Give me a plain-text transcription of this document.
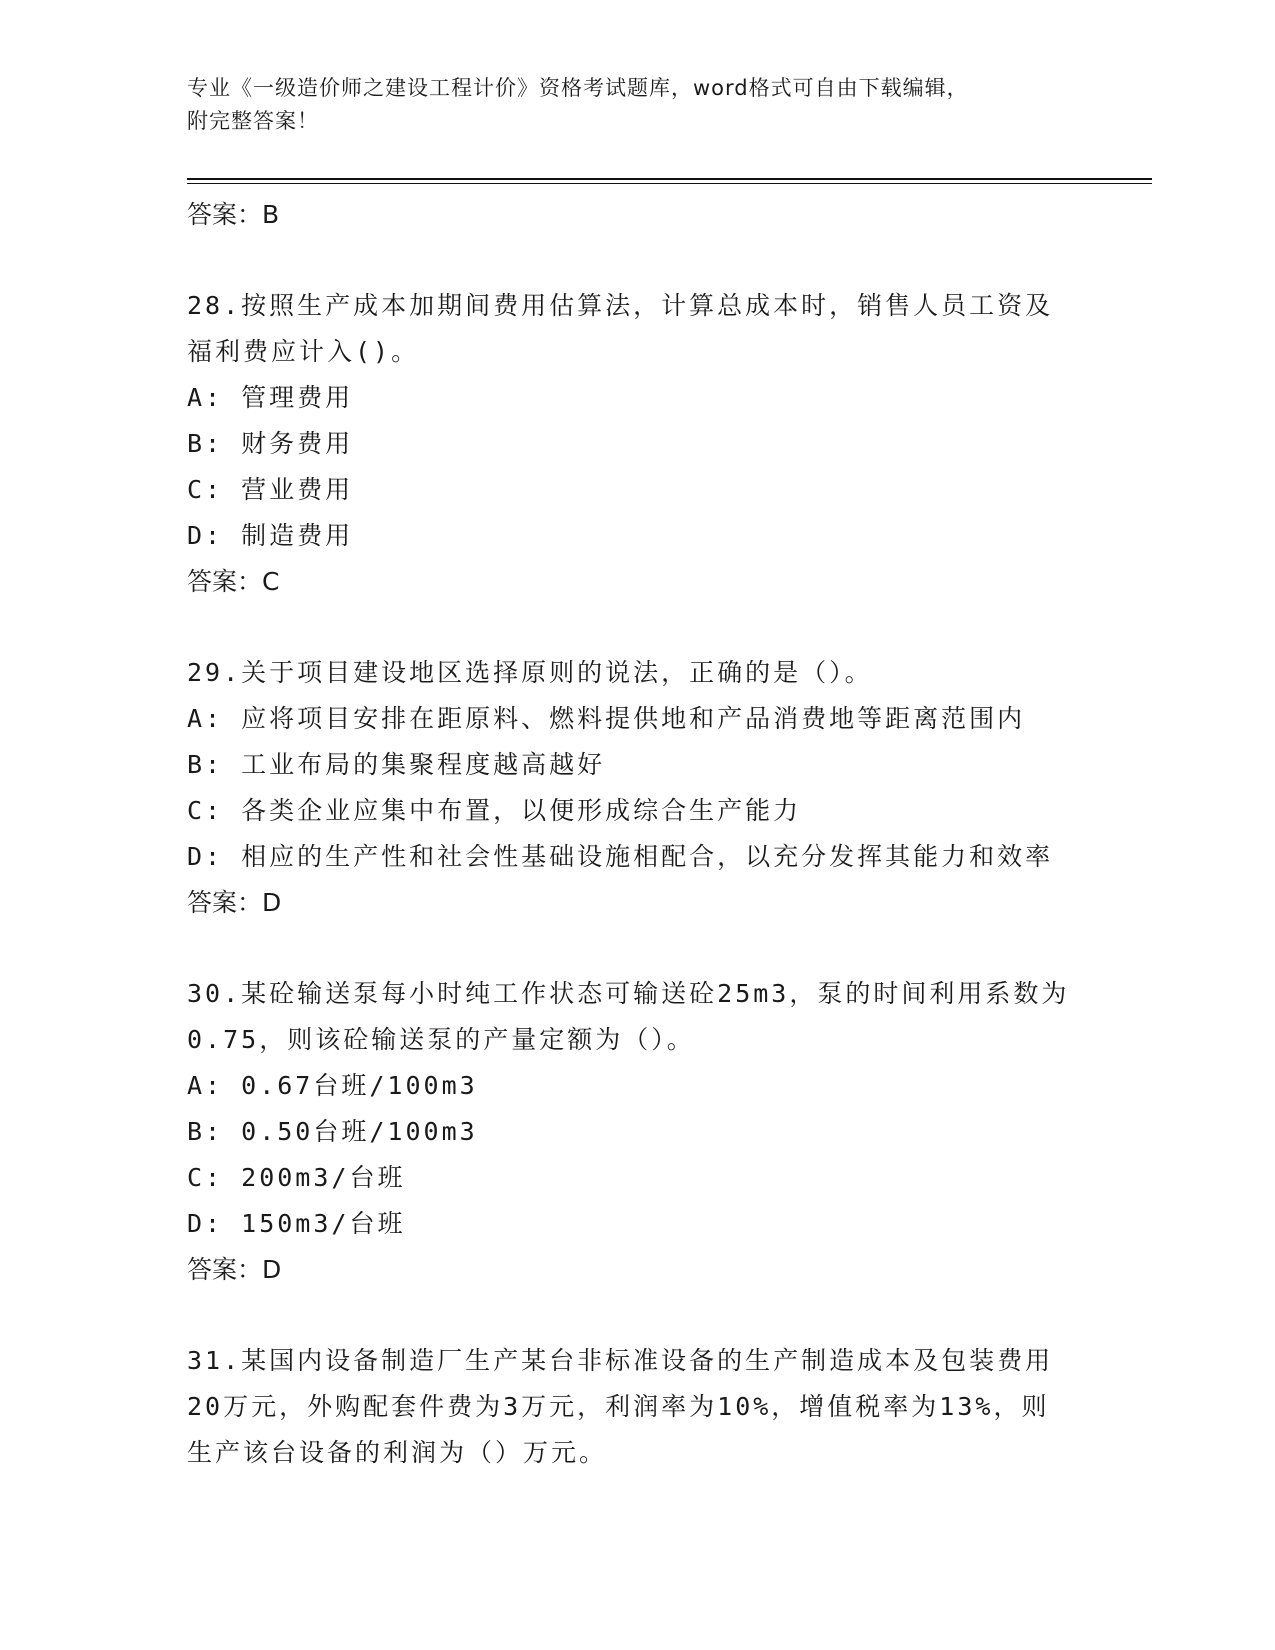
专业《一级造价师之建设工程计价》资格考试题库，word格式可自由下载编辑，
附完整答案！
答案：B
28.按照生产成本加期间费用估算法，计算总成本时，销售人员工资及
福利费应计入()。
A: 管理费用
B: 财务费用
C: 营业费用
D: 制造费用
答案：C
29.关于项目建设地区选择原则的说法，正确的是（）。
A: 应将项目安排在距原料、燃料提供地和产品消费地等距离范围内
B: 工业布局的集聚程度越高越好
C: 各类企业应集中布置，以便形成综合生产能力
D: 相应的生产性和社会性基础设施相配合，以充分发挥其能力和效率
答案：D
30.某砼输送泵每小时纯工作状态可输送砼25m3，泵的时间利用系数为
0.75，则该砼输送泵的产量定额为（）。
A: 0.67台班/100m3
B: 0.50台班/100m3
C: 200m3/台班
D: 150m3/台班
答案：D
31.某国内设备制造厂生产某台非标准设备的生产制造成本及包装费用
20万元，外购配套件费为3万元，利润率为10%，增值税率为13%，则
生产该台设备的利润为（）万元。
